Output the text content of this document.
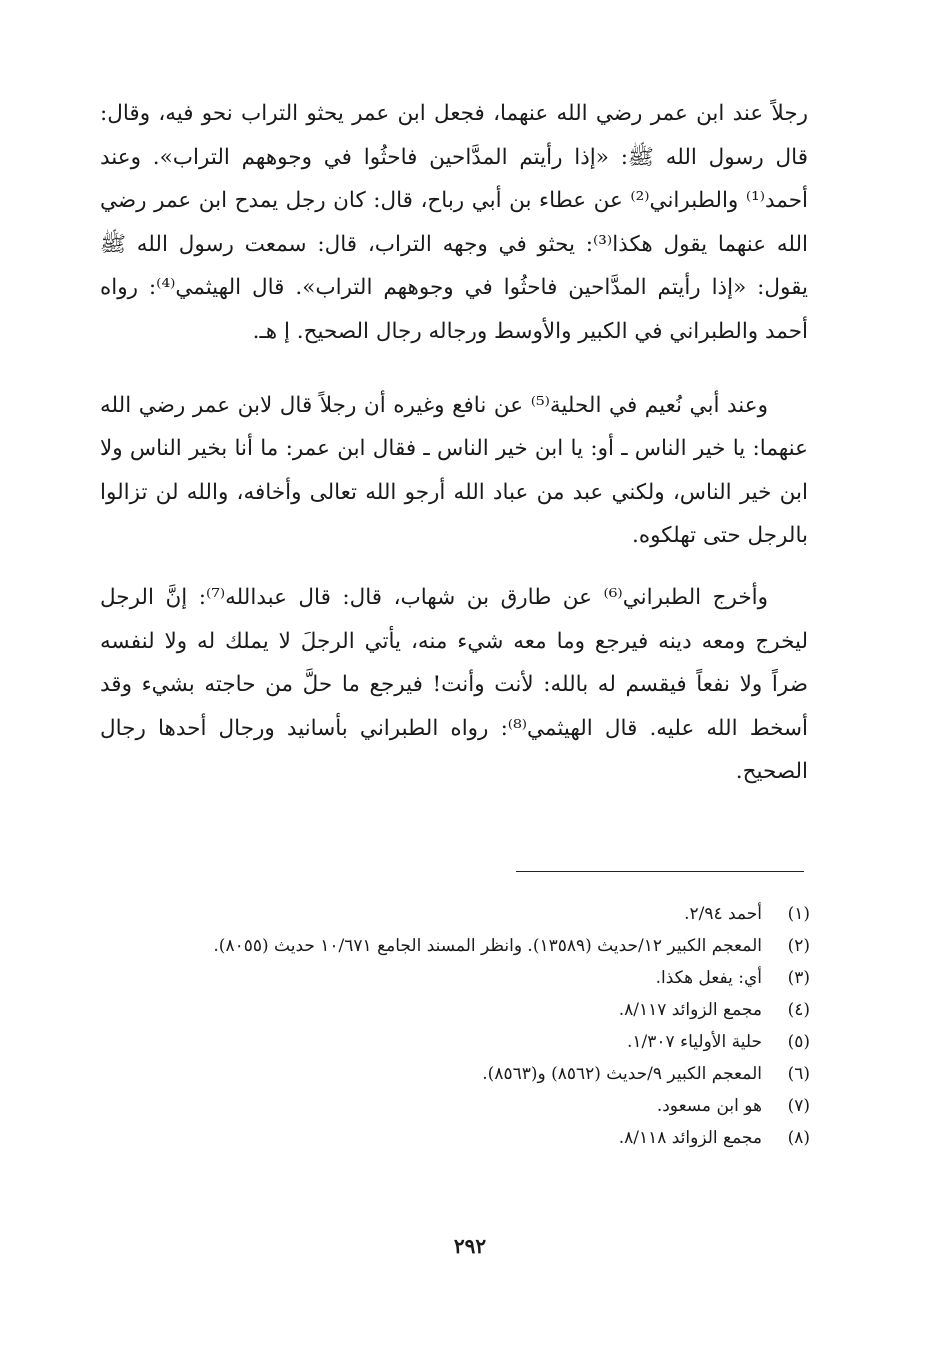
رجلاً عند ابن عمر رضي الله عنهما، فجعل ابن عمر يحثو التراب نحو فيه، وقال: قال رسول الله ﷺ: «إذا رأيتم المدَّاحين فاحثُوا في وجوههم التراب». وعند أحمد⁽¹⁾ والطبراني⁽²⁾ عن عطاء بن أبي رباح، قال: كان رجل يمدح ابن عمر رضي الله عنهما يقول هكذا⁽³⁾: يحثو في وجهه التراب، قال: سمعت رسول الله ﷺ يقول: «إذا رأيتم المدَّاحين فاحثُوا في وجوههم التراب». قال الهيثمي⁽⁴⁾: رواه أحمد والطبراني في الكبير والأوسط ورجاله رجال الصحيح. إ هـ.

وعند أبي نُعيم في الحلية⁽⁵⁾ عن نافع وغيره أن رجلاً قال لابن عمر رضي الله عنهما: يا خير الناس ـ أو: يا ابن خير الناس ـ فقال ابن عمر: ما أنا بخير الناس ولا ابن خير الناس، ولكني عبد من عباد الله أرجو الله تعالى وأخافه، والله لن تزالوا بالرجل حتى تهلكوه.

وأخرج الطبراني⁽⁶⁾ عن طارق بن شهاب، قال: قال عبدالله⁽⁷⁾: إنَّ الرجل ليخرج ومعه دينه فيرجع وما معه شيء منه، يأتي الرجلَ لا يملك له ولا لنفسه ضراً ولا نفعاً فيقسم له بالله: لأنت وأنت! فيرجع ما حلَّ من حاجته بشيء وقد أسخط الله عليه. قال الهيثمي⁽⁸⁾: رواه الطبراني بأسانيد ورجال أحدها رجال الصحيح.

(١)
أحمد ٢/٩٤.
(٢)
المعجم الكبير ١٢/حديث (١٣٥٨٩). وانظر المسند الجامع ١٠/٦٧١ حديث (٨٠٥٥).
(٣)
أي: يفعل هكذا.
(٤)
مجمع الزوائد ٨/١١٧.
(٥)
حلية الأولياء ١/٣٠٧.
(٦)
المعجم الكبير ٩/حديث (٨٥٦٢) و(٨٥٦٣).
(٧)
هو ابن مسعود.
(٨)
مجمع الزوائد ٨/١١٨.
٢٩٢
